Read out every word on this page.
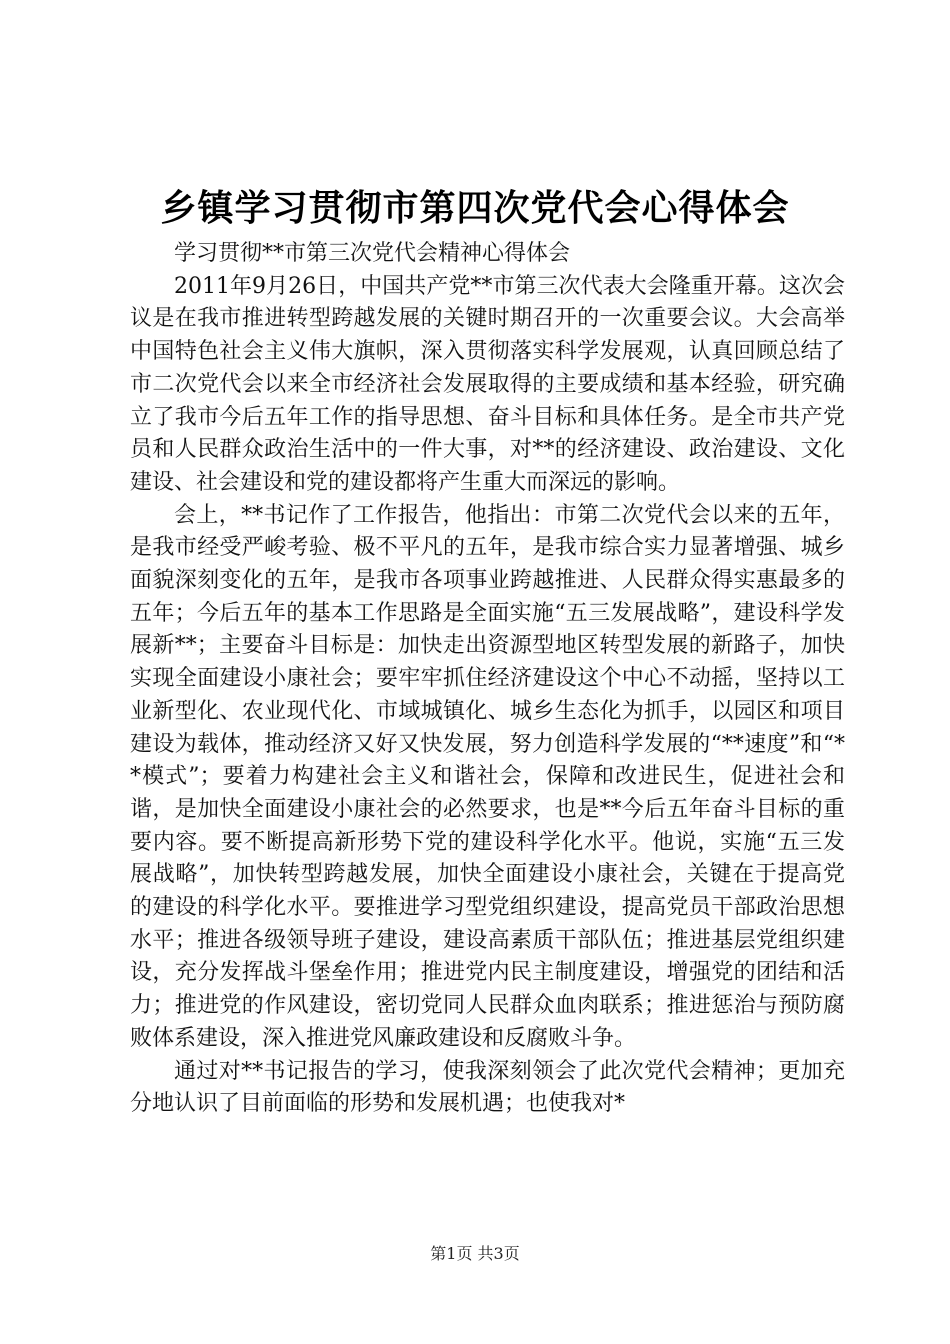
乡镇学习贯彻市第四次党代会心得体会

学习贯彻**市第三次党代会精神心得体会

2011年9月26日，中国共产党**市第三次代表大会隆重开幕。这次会议是在我市推进转型跨越发展的关键时期召开的一次重要会议。大会高举中国特色社会主义伟大旗帜，深入贯彻落实科学发展观，认真回顾总结了市二次党代会以来全市经济社会发展取得的主要成绩和基本经验，研究确立了我市今后五年工作的指导思想、奋斗目标和具体任务。是全市共产党员和人民群众政治生活中的一件大事，对**的经济建设、政治建设、文化建设、社会建设和党的建设都将产生重大而深远的影响。

会上，**书记作了工作报告，他指出：市第二次党代会以来的五年，是我市经受严峻考验、极不平凡的五年，是我市综合实力显著增强、城乡面貌深刻变化的五年，是我市各项事业跨越推进、人民群众得实惠最多的五年；今后五年的基本工作思路是全面实施“五三发展战略”，建设科学发展新**；主要奋斗目标是：加快走出资源型地区转型发展的新路子，加快实现全面建设小康社会；要牢牢抓住经济建设这个中心不动摇，坚持以工业新型化、农业现代化、市域城镇化、城乡生态化为抓手，以园区和项目建设为载体，推动经济又好又快发展，努力创造科学发展的“**速度”和“**模式”；要着力构建社会主义和谐社会，保障和改进民生，促进社会和谐，是加快全面建设小康社会的必然要求，也是**今后五年奋斗目标的重要内容。要不断提高新形势下党的建设科学化水平。他说，实施“五三发展战略”，加快转型跨越发展，加快全面建设小康社会，关键在于提高党的建设的科学化水平。要推进学习型党组织建设，提高党员干部政治思想水平；推进各级领导班子建设，建设高素质干部队伍；推进基层党组织建设，充分发挥战斗堡垒作用；推进党内民主制度建设，增强党的团结和活力；推进党的作风建设，密切党同人民群众血肉联系；推进惩治与预防腐败体系建设，深入推进党风廉政建设和反腐败斗争。

通过对**书记报告的学习，使我深刻领会了此次党代会精神；更加充分地认识了目前面临的形势和发展机遇；也使我对*

第1页 共3页
